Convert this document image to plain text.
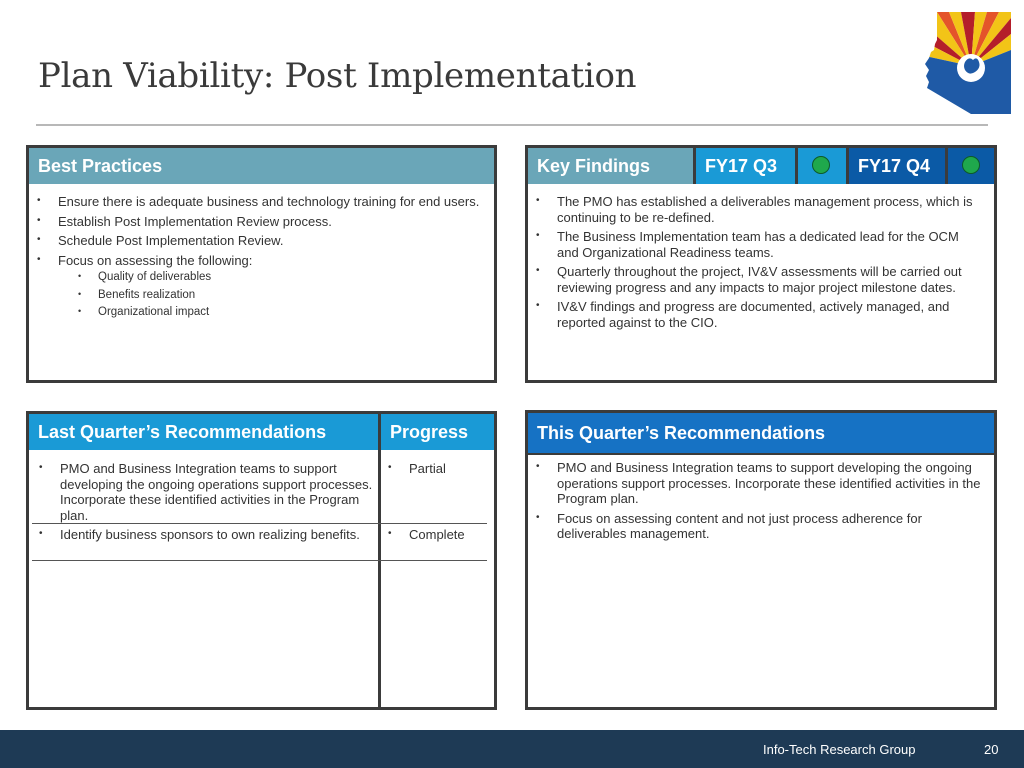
Plan Viability: Post Implementation
Best Practices
• Ensure there is adequate business and technology training for end users.
• Establish Post Implementation Review process.
• Schedule Post Implementation Review.
• Focus on assessing the following:
• Quality of deliverables
• Benefits realization
• Organizational impact
Key Findings	FY17 Q3	FY17 Q4
• The PMO has established a deliverables management process, which is continuing to be re-defined.
• The Business Implementation team has a dedicated lead for the OCM and Organizational Readiness teams.
• Quarterly throughout the project, IV&V assessments will be carried out reviewing progress and any impacts to major project milestone dates.
• IV&V findings and progress are documented, actively managed, and reported against to the CIO.
Last Quarter’s Recommendations	Progress
• PMO and Business Integration teams to support developing the ongoing operations support processes. Incorporate these identified activities in the Program plan.
• Partial
• Identify business sponsors to own realizing benefits.
•	Complete
This Quarter’s Recommendations
• PMO and Business Integration teams to support developing the ongoing operations support processes. Incorporate these identified activities in the Program plan.
• Focus on assessing content and not just process adherence for deliverables management.
Info-Tech Research Group	20
